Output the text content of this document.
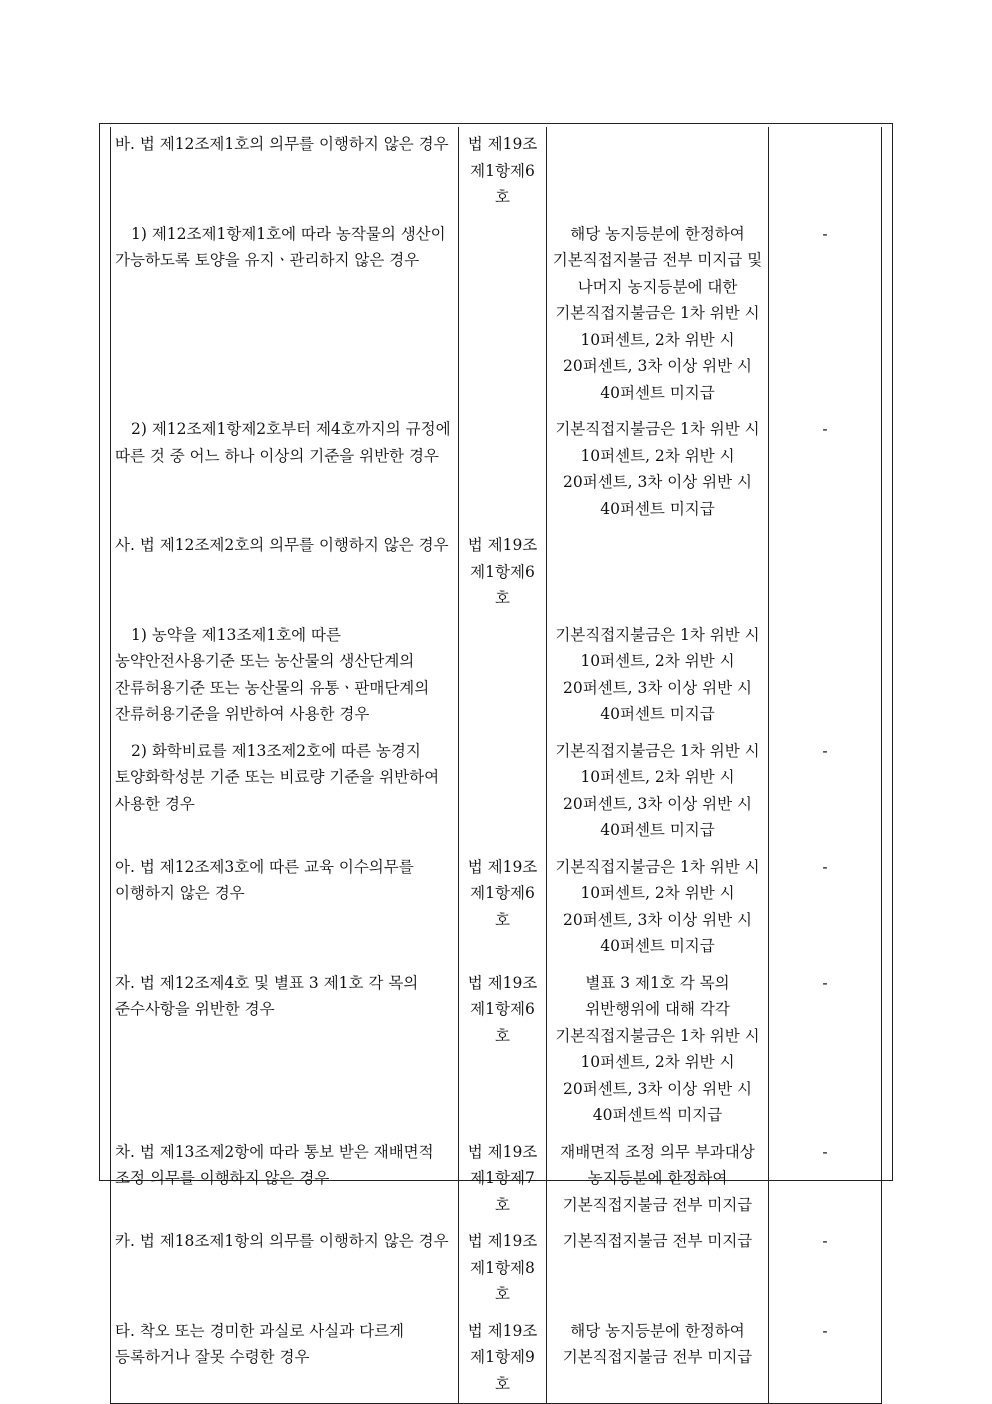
바. 법 제12조제1호의 의무를 이행하지 않은 경우	법 제19조 제1항제6호		
1) 제12조제1항제1호에 따라 농작물의 생산이 가능하도록 토양을 유지ㆍ관리하지 않은 경우		해당 농지등분에 한정하여 기본직접지불금 전부 미지급 및 나머지 농지등분에 대한 기본직접지불금은 1차 위반 시 10퍼센트, 2차 위반 시 20퍼센트, 3차 이상 위반 시 40퍼센트 미지급	-
2) 제12조제1항제2호부터 제4호까지의 규정에 따른 것 중 어느 하나 이상의 기준을 위반한 경우		기본직접지불금은 1차 위반 시 10퍼센트, 2차 위반 시 20퍼센트, 3차 이상 위반 시 40퍼센트 미지급	-
사. 법 제12조제2호의 의무를 이행하지 않은 경우	법 제19조 제1항제6호		
1) 농약을 제13조제1호에 따른 농약안전사용기준 또는 농산물의 생산단계의 잔류허용기준 또는 농산물의 유통ㆍ판매단계의 잔류허용기준을 위반하여 사용한 경우		기본직접지불금은 1차 위반 시 10퍼센트, 2차 위반 시 20퍼센트, 3차 이상 위반 시 40퍼센트 미지급	
2) 화학비료를 제13조제2호에 따른 농경지 토양화학성분 기준 또는 비료량 기준을 위반하여 사용한 경우		기본직접지불금은 1차 위반 시 10퍼센트, 2차 위반 시 20퍼센트, 3차 이상 위반 시 40퍼센트 미지급	-
아. 법 제12조제3호에 따른 교육 이수의무를 이행하지 않은 경우	법 제19조 제1항제6호	기본직접지불금은 1차 위반 시 10퍼센트, 2차 위반 시 20퍼센트, 3차 이상 위반 시 40퍼센트 미지급	-
자. 법 제12조제4호 및 별표 3 제1호 각 목의 준수사항을 위반한 경우	법 제19조 제1항제6호	별표 3 제1호 각 목의 위반행위에 대해 각각 기본직접지불금은 1차 위반 시 10퍼센트, 2차 위반 시 20퍼센트, 3차 이상 위반 시 40퍼센트씩 미지급	-
차. 법 제13조제2항에 따라 통보 받은 재배면적 조정 의무를 이행하지 않은 경우	법 제19조 제1항제7호	재배면적 조정 의무 부과대상 농지등분에 한정하여 기본직접지불금 전부 미지급	-
카. 법 제18조제1항의 의무를 이행하지 않은 경우	법 제19조 제1항제8호	기본직접지불금 전부 미지급	-
타. 착오 또는 경미한 과실로 사실과 다르게 등록하거나 잘못 수령한 경우	법 제19조 제1항제9호	해당 농지등분에 한정하여 기본직접지불금 전부 미지급	-
